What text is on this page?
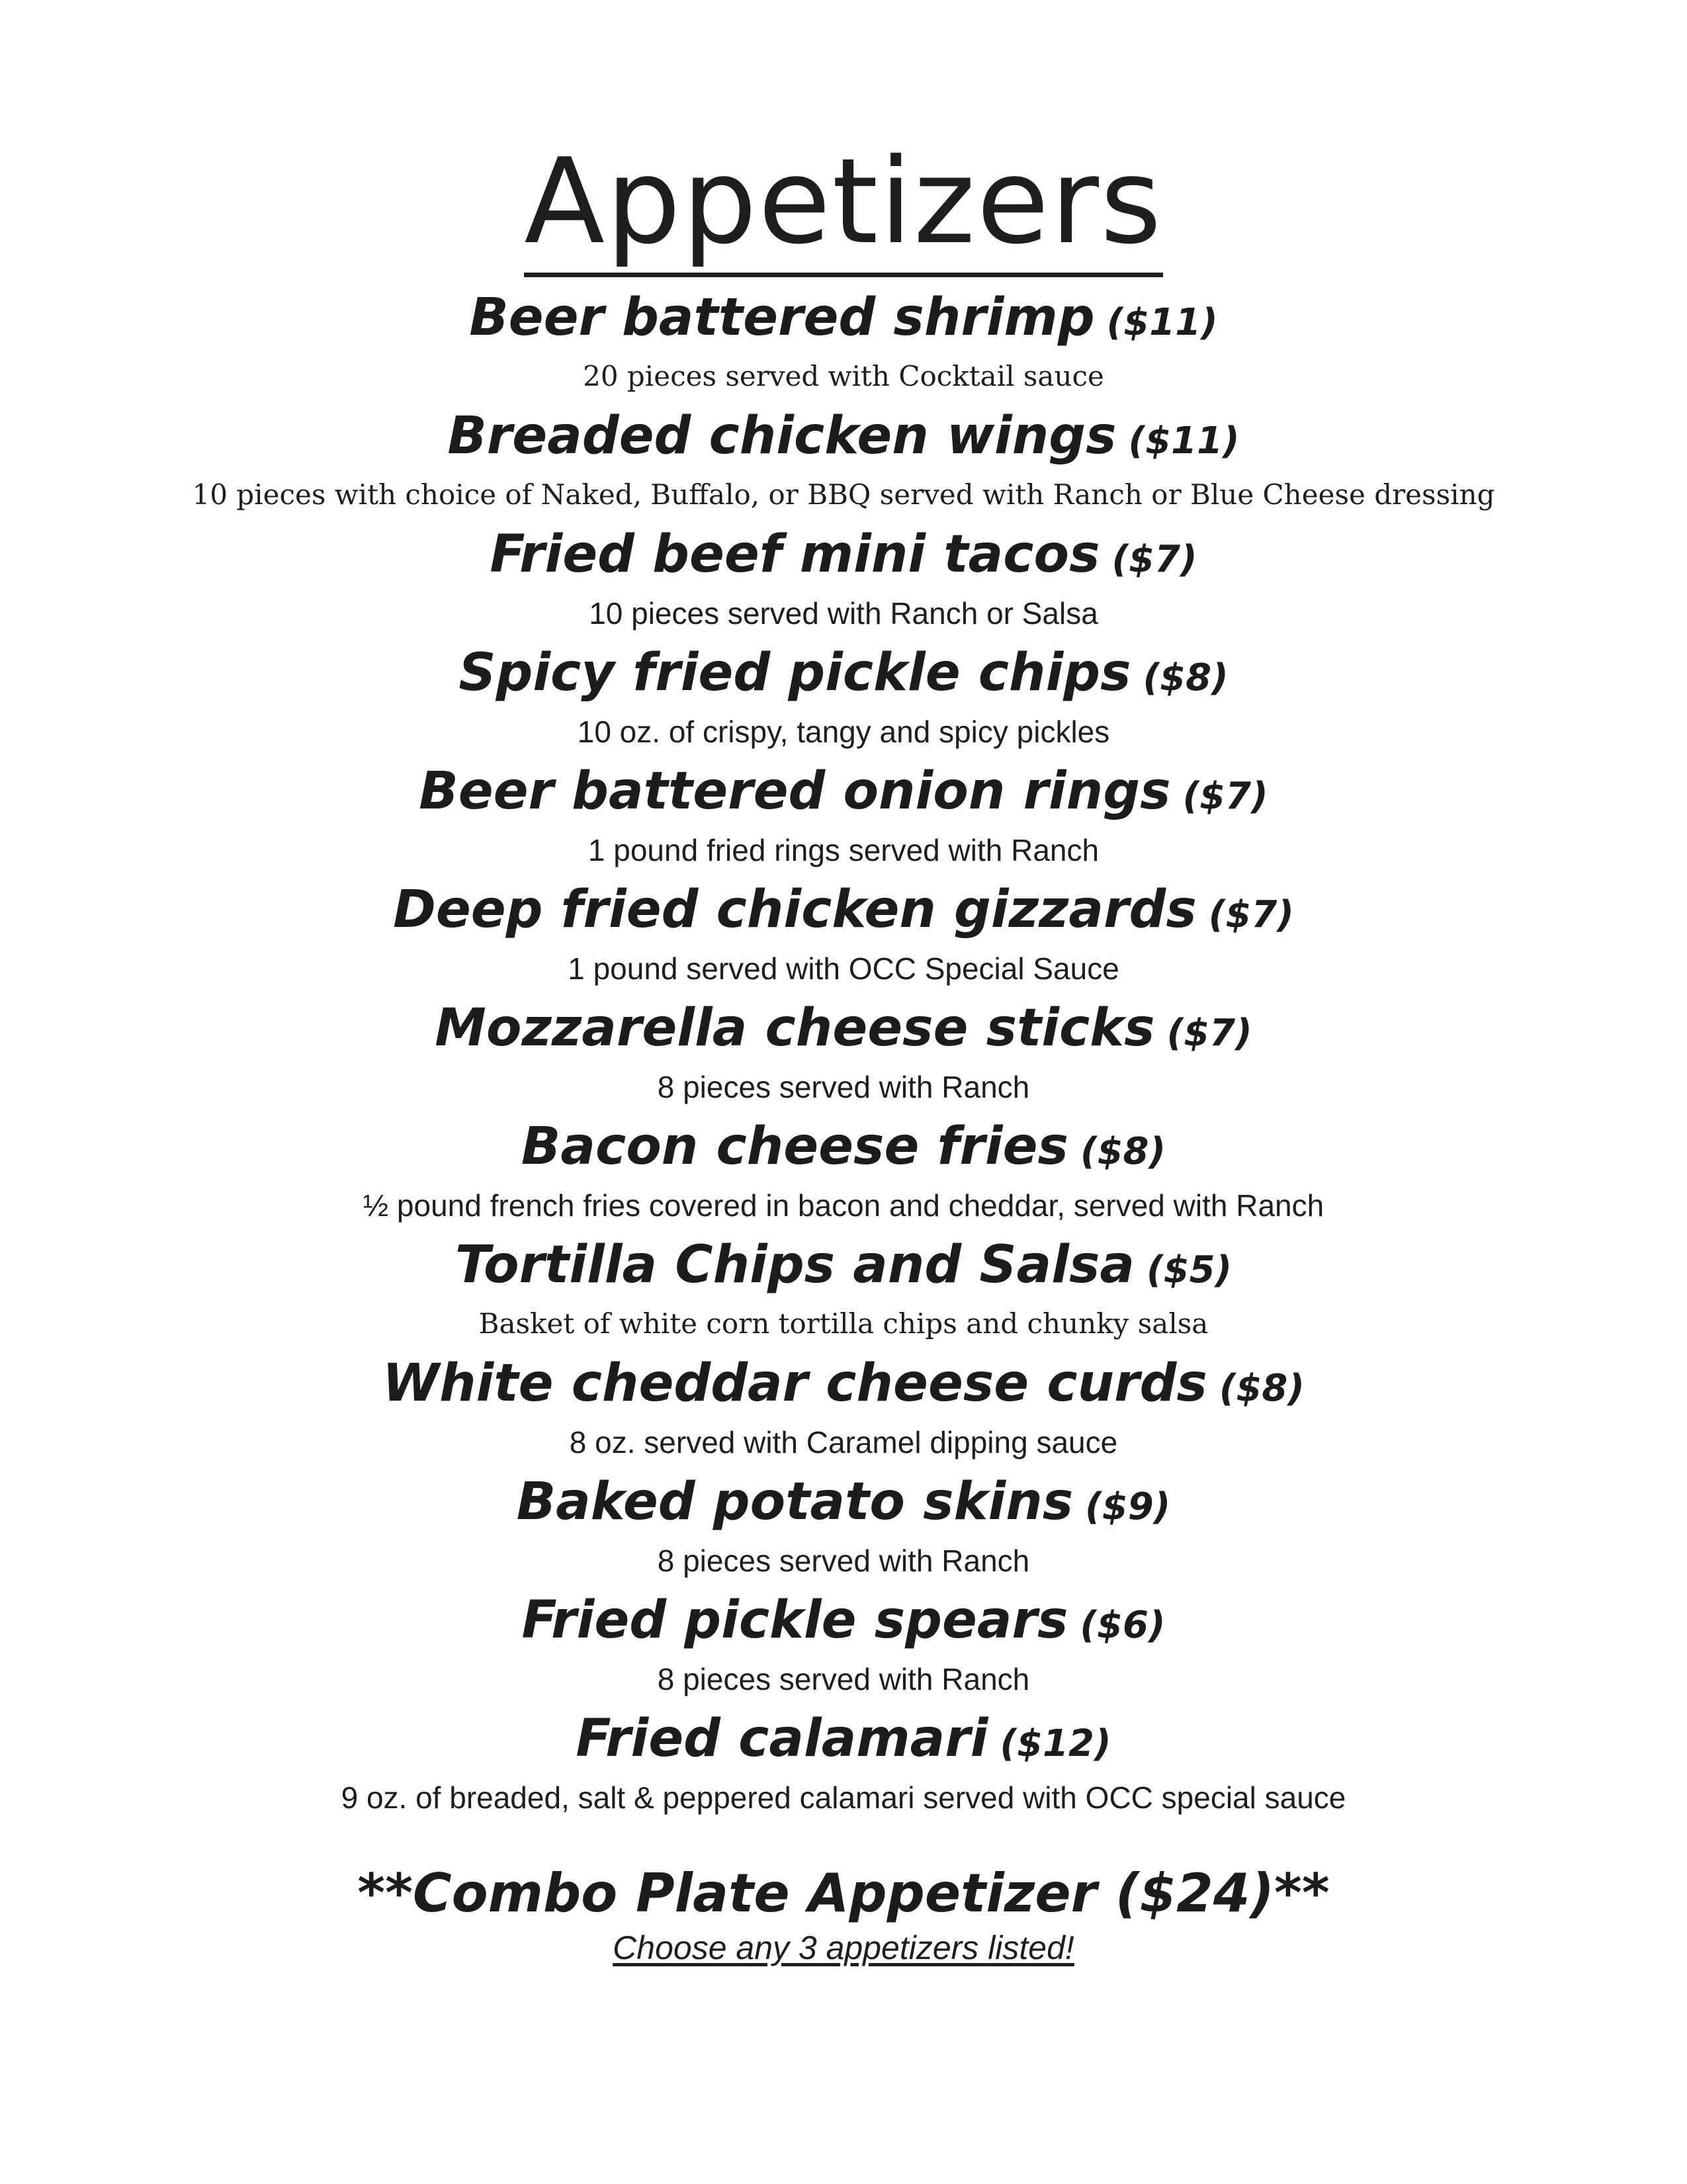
Appetizers
Beer battered shrimp ($11)
20 pieces served with Cocktail sauce
Breaded chicken wings ($11)
10 pieces with choice of Naked, Buffalo, or BBQ served with Ranch or Blue Cheese dressing
Fried beef mini tacos ($7)
10 pieces served with Ranch or Salsa
Spicy fried pickle chips ($8)
10 oz. of crispy, tangy and spicy pickles
Beer battered onion rings ($7)
1 pound fried rings served with Ranch
Deep fried chicken gizzards ($7)
1 pound served with OCC Special Sauce
Mozzarella cheese sticks ($7)
8 pieces served with Ranch
Bacon cheese fries ($8)
½ pound french fries covered in bacon and cheddar, served with Ranch
Tortilla Chips and Salsa ($5)
Basket of white corn tortilla chips and chunky salsa
White cheddar cheese curds ($8)
8 oz. served with Caramel dipping sauce
Baked potato skins ($9)
8 pieces served with Ranch
Fried pickle spears ($6)
8 pieces served with Ranch
Fried calamari ($12)
9 oz. of breaded, salt & peppered calamari served with OCC special sauce
**Combo Plate Appetizer ($24)**
Choose any 3 appetizers listed!
